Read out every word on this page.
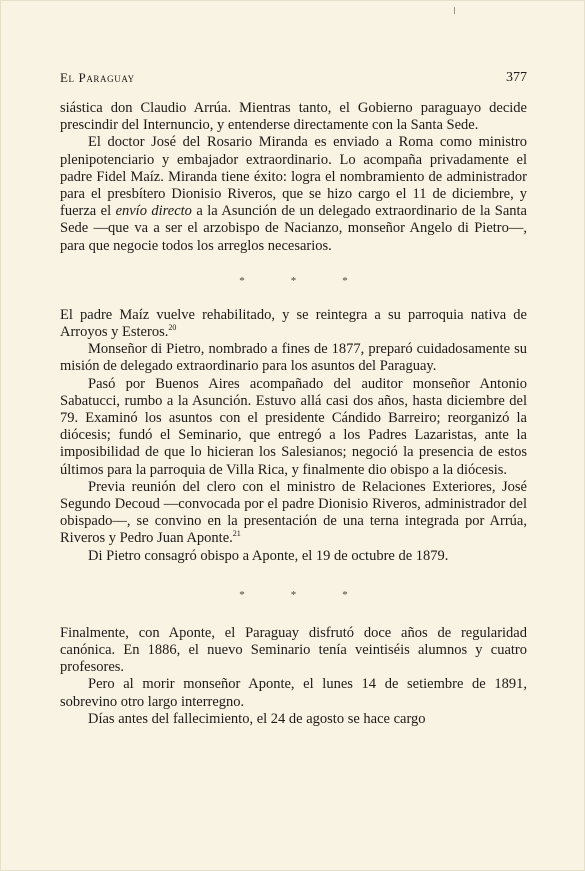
El Paraguay	377

siástica don Claudio Arrúa. Mientras tanto, el Gobierno paraguayo decide prescindir del Internuncio, y entenderse directamente con la Santa Sede.

El doctor José del Rosario Miranda es enviado a Roma como ministro plenipotenciario y embajador extraordinario. Lo acompaña privadamente el padre Fidel Maíz. Miranda tiene éxito: logra el nombramiento de administrador para el presbítero Dionisio Riveros, que se hizo cargo el 11 de diciembre, y fuerza el envío directo a la Asunción de un delegado extraordinario de la Santa Sede —que va a ser el arzobispo de Nacianzo, monseñor Angelo di Pietro—, para que negocie todos los arreglos necesarios.

*	*	*

El padre Maíz vuelve rehabilitado, y se reintegra a su parroquia nativa de Arroyos y Esteros.$^{20}$

Monseñor di Pietro, nombrado a fines de 1877, preparó cuidadosamente su misión de delegado extraordinario para los asuntos del Paraguay.

Pasó por Buenos Aires acompañado del auditor monseñor Antonio Sabatucci, rumbo a la Asunción. Estuvo allá casi dos años, hasta diciembre del 79. Examinó los asuntos con el presidente Cándido Barreiro; reorganizó la diócesis; fundó el Seminario, que entregó a los Padres Lazaristas, ante la imposibilidad de que lo hicieran los Salesianos; negoció la presencia de estos últimos para la parroquia de Villa Rica, y finalmente dio obispo a la diócesis.

Previa reunión del clero con el ministro de Relaciones Exteriores, José Segundo Decoud —convocada por el padre Dionisio Riveros, administrador del obispado—, se convino en la presentación de una terna integrada por Arrúa, Riveros y Pedro Juan Aponte.$^{21}$

Di Pietro consagró obispo a Aponte, el 19 de octubre de 1879.

*	*	*

Finalmente, con Aponte, el Paraguay disfrutó doce años de regularidad canónica. En 1886, el nuevo Seminario tenía veintiséis alumnos y cuatro profesores.

Pero al morir monseñor Aponte, el lunes 14 de setiembre de 1891, sobrevino otro largo interregno.

Días antes del fallecimiento, el 24 de agosto se hace cargo
